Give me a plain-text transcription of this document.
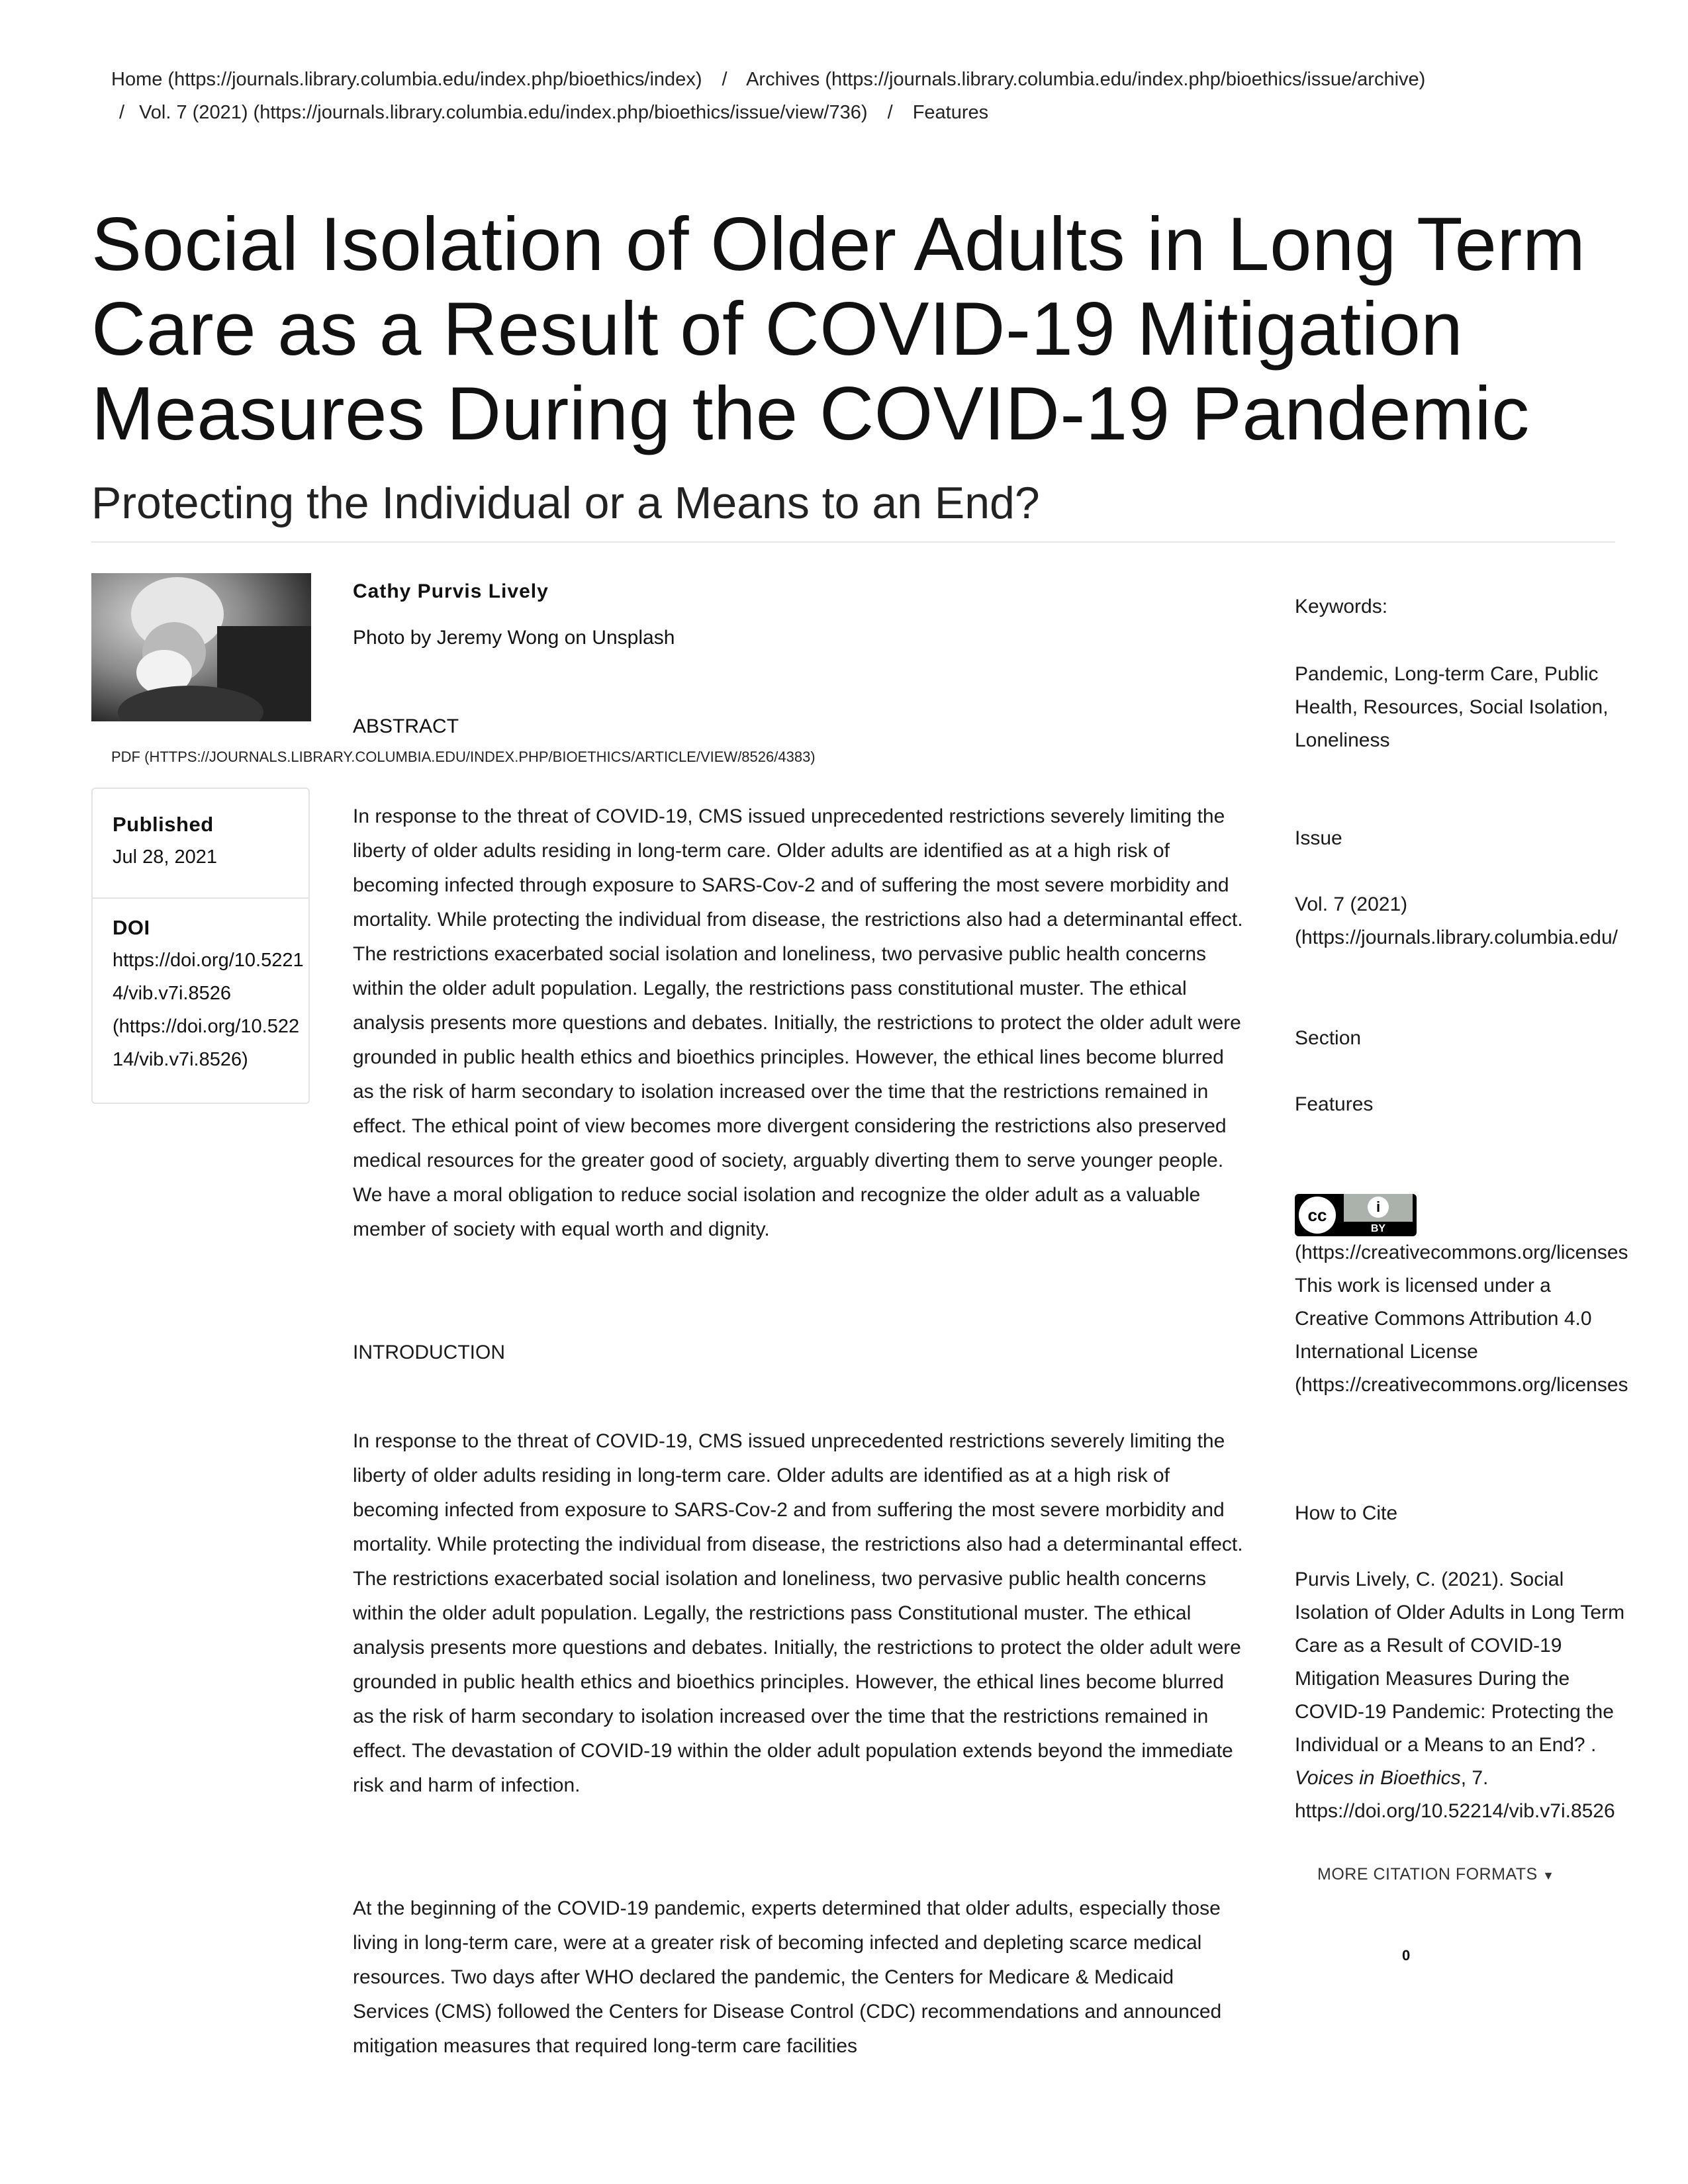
Home (https://journals.library.columbia.edu/index.php/bioethics/index) / Archives (https://journals.library.columbia.edu/index.php/bioethics/issue/archive)
/ Vol. 7 (2021) (https://journals.library.columbia.edu/index.php/bioethics/issue/view/736) / Features
Social Isolation of Older Adults in Long Term Care as a Result of COVID-19 Mitigation Measures During the COVID-19 Pandemic
Protecting the Individual or a Means to an End?
Cathy Purvis Lively
Photo by Jeremy Wong on Unsplash
ABSTRACT
PDF (HTTPS://JOURNALS.LIBRARY.COLUMBIA.EDU/INDEX.PHP/BIOETHICS/ARTICLE/VIEW/8526/4383)
Published
Jul 28, 2021
DOI
https://doi.org/10.52214/vib.v7i.8526
(https://doi.org/10.52214/vib.v7i.8526)

In response to the threat of COVID-19, CMS issued unprecedented restrictions severely limiting the liberty of older adults residing in long-term care. Older adults are identified as at a high risk of becoming infected through exposure to SARS-Cov-2 and of suffering the most severe morbidity and mortality. While protecting the individual from disease, the restrictions also had a determinantal effect. The restrictions exacerbated social isolation and loneliness, two pervasive public health concerns within the older adult population. Legally, the restrictions pass constitutional muster. The ethical analysis presents more questions and debates. Initially, the restrictions to protect the older adult were grounded in public health ethics and bioethics principles. However, the ethical lines become blurred as the risk of harm secondary to isolation increased over the time that the restrictions remained in effect. The ethical point of view becomes more divergent considering the restrictions also preserved medical resources for the greater good of society, arguably diverting them to serve younger people. We have a moral obligation to reduce social isolation and recognize the older adult as a valuable member of society with equal worth and dignity.

INTRODUCTION

In response to the threat of COVID-19, CMS issued unprecedented restrictions severely limiting the liberty of older adults residing in long-term care. Older adults are identified as at a high risk of becoming infected from exposure to SARS-Cov-2 and from suffering the most severe morbidity and mortality. While protecting the individual from disease, the restrictions also had a determinantal effect. The restrictions exacerbated social isolation and loneliness, two pervasive public health concerns within the older adult population. Legally, the restrictions pass Constitutional muster. The ethical analysis presents more questions and debates. Initially, the restrictions to protect the older adult were grounded in public health ethics and bioethics principles. However, the ethical lines become blurred as the risk of harm secondary to isolation increased over the time that the restrictions remained in effect. The devastation of COVID-19 within the older adult population extends beyond the immediate risk and harm of infection.

At the beginning of the COVID-19 pandemic, experts determined that older adults, especially those living in long-term care, were at a greater risk of becoming infected and depleting scarce medical resources. Two days after WHO declared the pandemic, the Centers for Medicare & Medicaid Services (CMS) followed the Centers for Disease Control (CDC) recommendations and announced mitigation measures that required long-term care facilities

Keywords:
Pandemic, Long-term Care, Public Health, Resources, Social Isolation, Loneliness
Issue
Vol. 7 (2021)
(https://journals.library.columbia.edu/
Section
Features
cc	i
BY
(https://creativecommons.org/licenses
This work is licensed under a Creative Commons Attribution 4.0 International License
(https://creativecommons.org/licenses
How to Cite
Purvis Lively, C. (2021). Social Isolation of Older Adults in Long Term Care as a Result of COVID-19 Mitigation Measures During the COVID-19 Pandemic: Protecting the Individual or a Means to an End? . Voices in Bioethics, 7.
https://doi.org/10.52214/vib.v7i.8526
MORE CITATION FORMATS ▼
0
